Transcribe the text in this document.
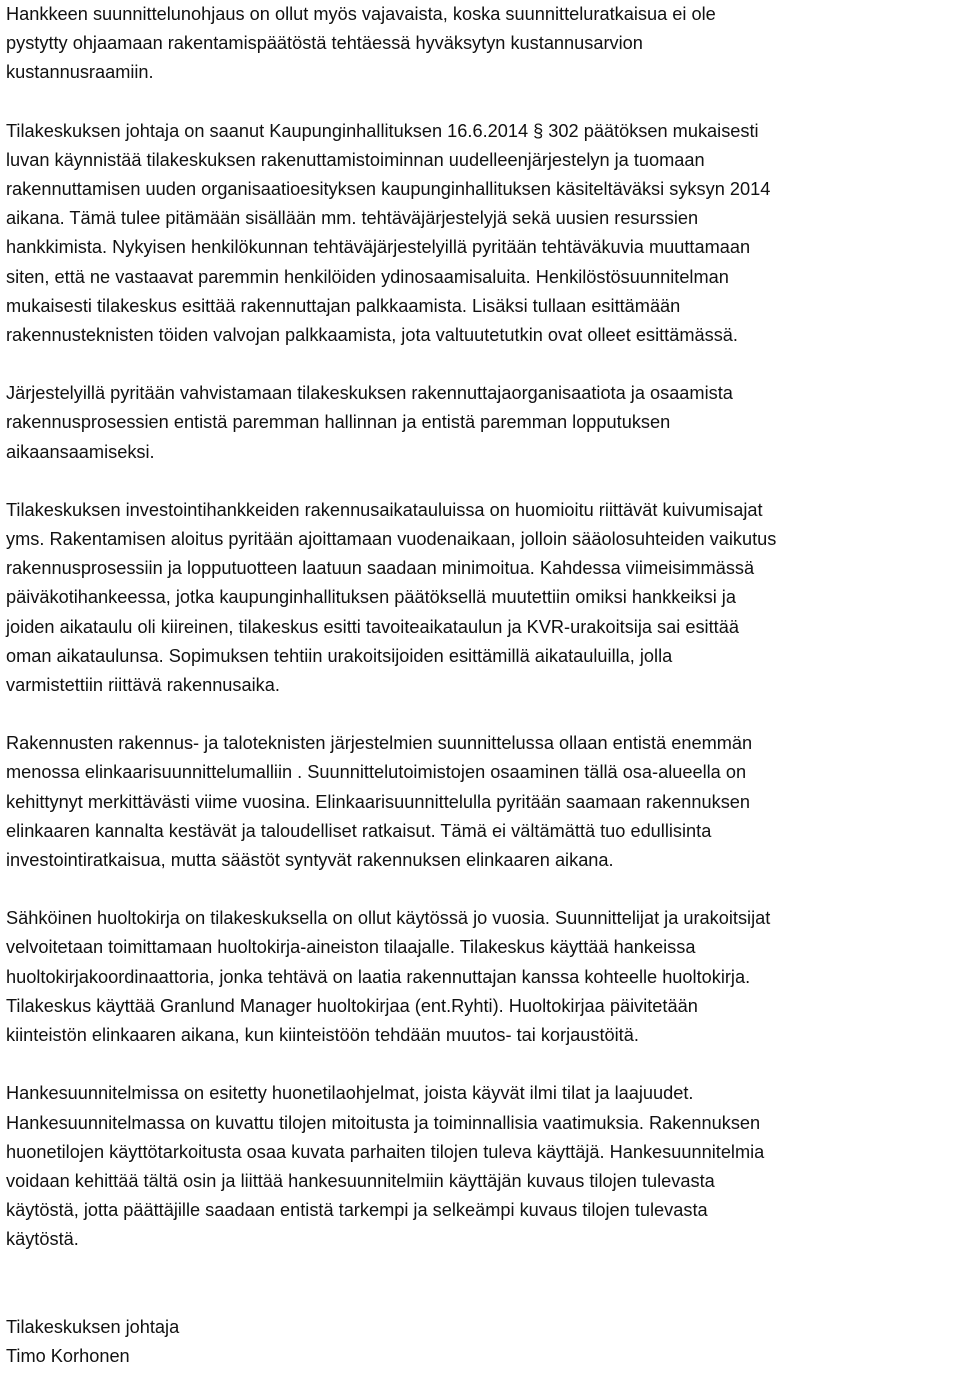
Hankkeen suunnittelunohjaus on ollut myös vajavaista, koska suunnitteluratkaisua ei ole

pystytty ohjaamaan rakentamispäätöstä tehtäessä hyväksytyn kustannusarvion

kustannusraamiin.

Tilakeskuksen johtaja on saanut Kaupunginhallituksen 16.6.2014 § 302 päätöksen mukaisesti

luvan käynnistää tilakeskuksen rakenuttamistoiminnan uudelleenjärjestelyn ja tuomaan

rakennuttamisen uuden organisaatioesityksen kaupunginhallituksen käsiteltäväksi syksyn 2014

aikana. Tämä tulee pitämään sisällään mm. tehtäväjärjestelyjä sekä uusien resurssien

hankkimista. Nykyisen henkilökunnan tehtäväjärjestelyillä pyritään tehtäväkuvia muuttamaan

siten, että ne vastaavat paremmin henkilöiden ydinosaamisaluita. Henkilöstösuunnitelman

mukaisesti tilakeskus esittää rakennuttajan palkkaamista. Lisäksi tullaan esittämään

rakennusteknisten töiden valvojan palkkaamista, jota valtuutetutkin ovat olleet esittämässä.

Järjestelyillä pyritään vahvistamaan tilakeskuksen rakennuttajaorganisaatiota ja osaamista

rakennusprosessien entistä paremman hallinnan ja entistä paremman lopputuksen

aikaansaamiseksi.

Tilakeskuksen investointihankkeiden rakennusaikatauluissa on huomioitu riittävät kuivumisajat

yms. Rakentamisen aloitus pyritään ajoittamaan vuodenaikaan, jolloin sääolosuhteiden vaikutus

rakennusprosessiin ja lopputuotteen laatuun saadaan minimoitua. Kahdessa viimeisimmässä

päiväkotihankeessa, jotka kaupunginhallituksen päätöksellä muutettiin omiksi hankkeiksi ja

joiden aikataulu oli kiireinen, tilakeskus esitti tavoiteaikataulun ja KVR-urakoitsija sai esittää

oman aikataulunsa. Sopimuksen tehtiin urakoitsijoiden esittämillä aikatauluilla, jolla

varmistettiin riittävä rakennusaika.

Rakennusten rakennus- ja taloteknisten järjestelmien suunnittelussa ollaan entistä enemmän

menossa elinkaarisuunnittelumalliin . Suunnittelutoimistojen osaaminen tällä osa-alueella on

kehittynyt merkittävästi viime vuosina. Elinkaarisuunnittelulla pyritään saamaan rakennuksen

elinkaaren kannalta kestävät ja taloudelliset ratkaisut. Tämä ei vältämättä tuo edullisinta

investointiratkaisua, mutta säästöt syntyvät rakennuksen elinkaaren aikana.

Sähköinen huoltokirja on tilakeskuksella on ollut käytössä jo vuosia. Suunnittelijat ja urakoitsijat

velvoitetaan toimittamaan huoltokirja-aineiston tilaajalle. Tilakeskus käyttää hankeissa

huoltokirjakoordinaattoria, jonka tehtävä on laatia rakennuttajan kanssa kohteelle huoltokirja.

Tilakeskus käyttää Granlund Manager huoltokirjaa (ent.Ryhti). Huoltokirjaa päivitetään

kiinteistön elinkaaren aikana, kun kiinteistöön tehdään muutos- tai korjaustöitä.

Hankesuunnitelmissa on esitetty huonetilaohjelmat, joista käyvät ilmi tilat ja laajuudet.

Hankesuunnitelmassa on kuvattu tilojen mitoitusta ja toiminnallisia vaatimuksia. Rakennuksen

huonetilojen käyttötarkoitusta osaa kuvata parhaiten tilojen tuleva käyttäjä. Hankesuunnitelmia

voidaan kehittää tältä osin ja liittää hankesuunnitelmiin käyttäjän kuvaus tilojen tulevasta

käytöstä, jotta päättäjille saadaan entistä tarkempi ja selkeämpi kuvaus tilojen tulevasta

käytöstä.

Tilakeskuksen johtaja

Timo Korhonen
